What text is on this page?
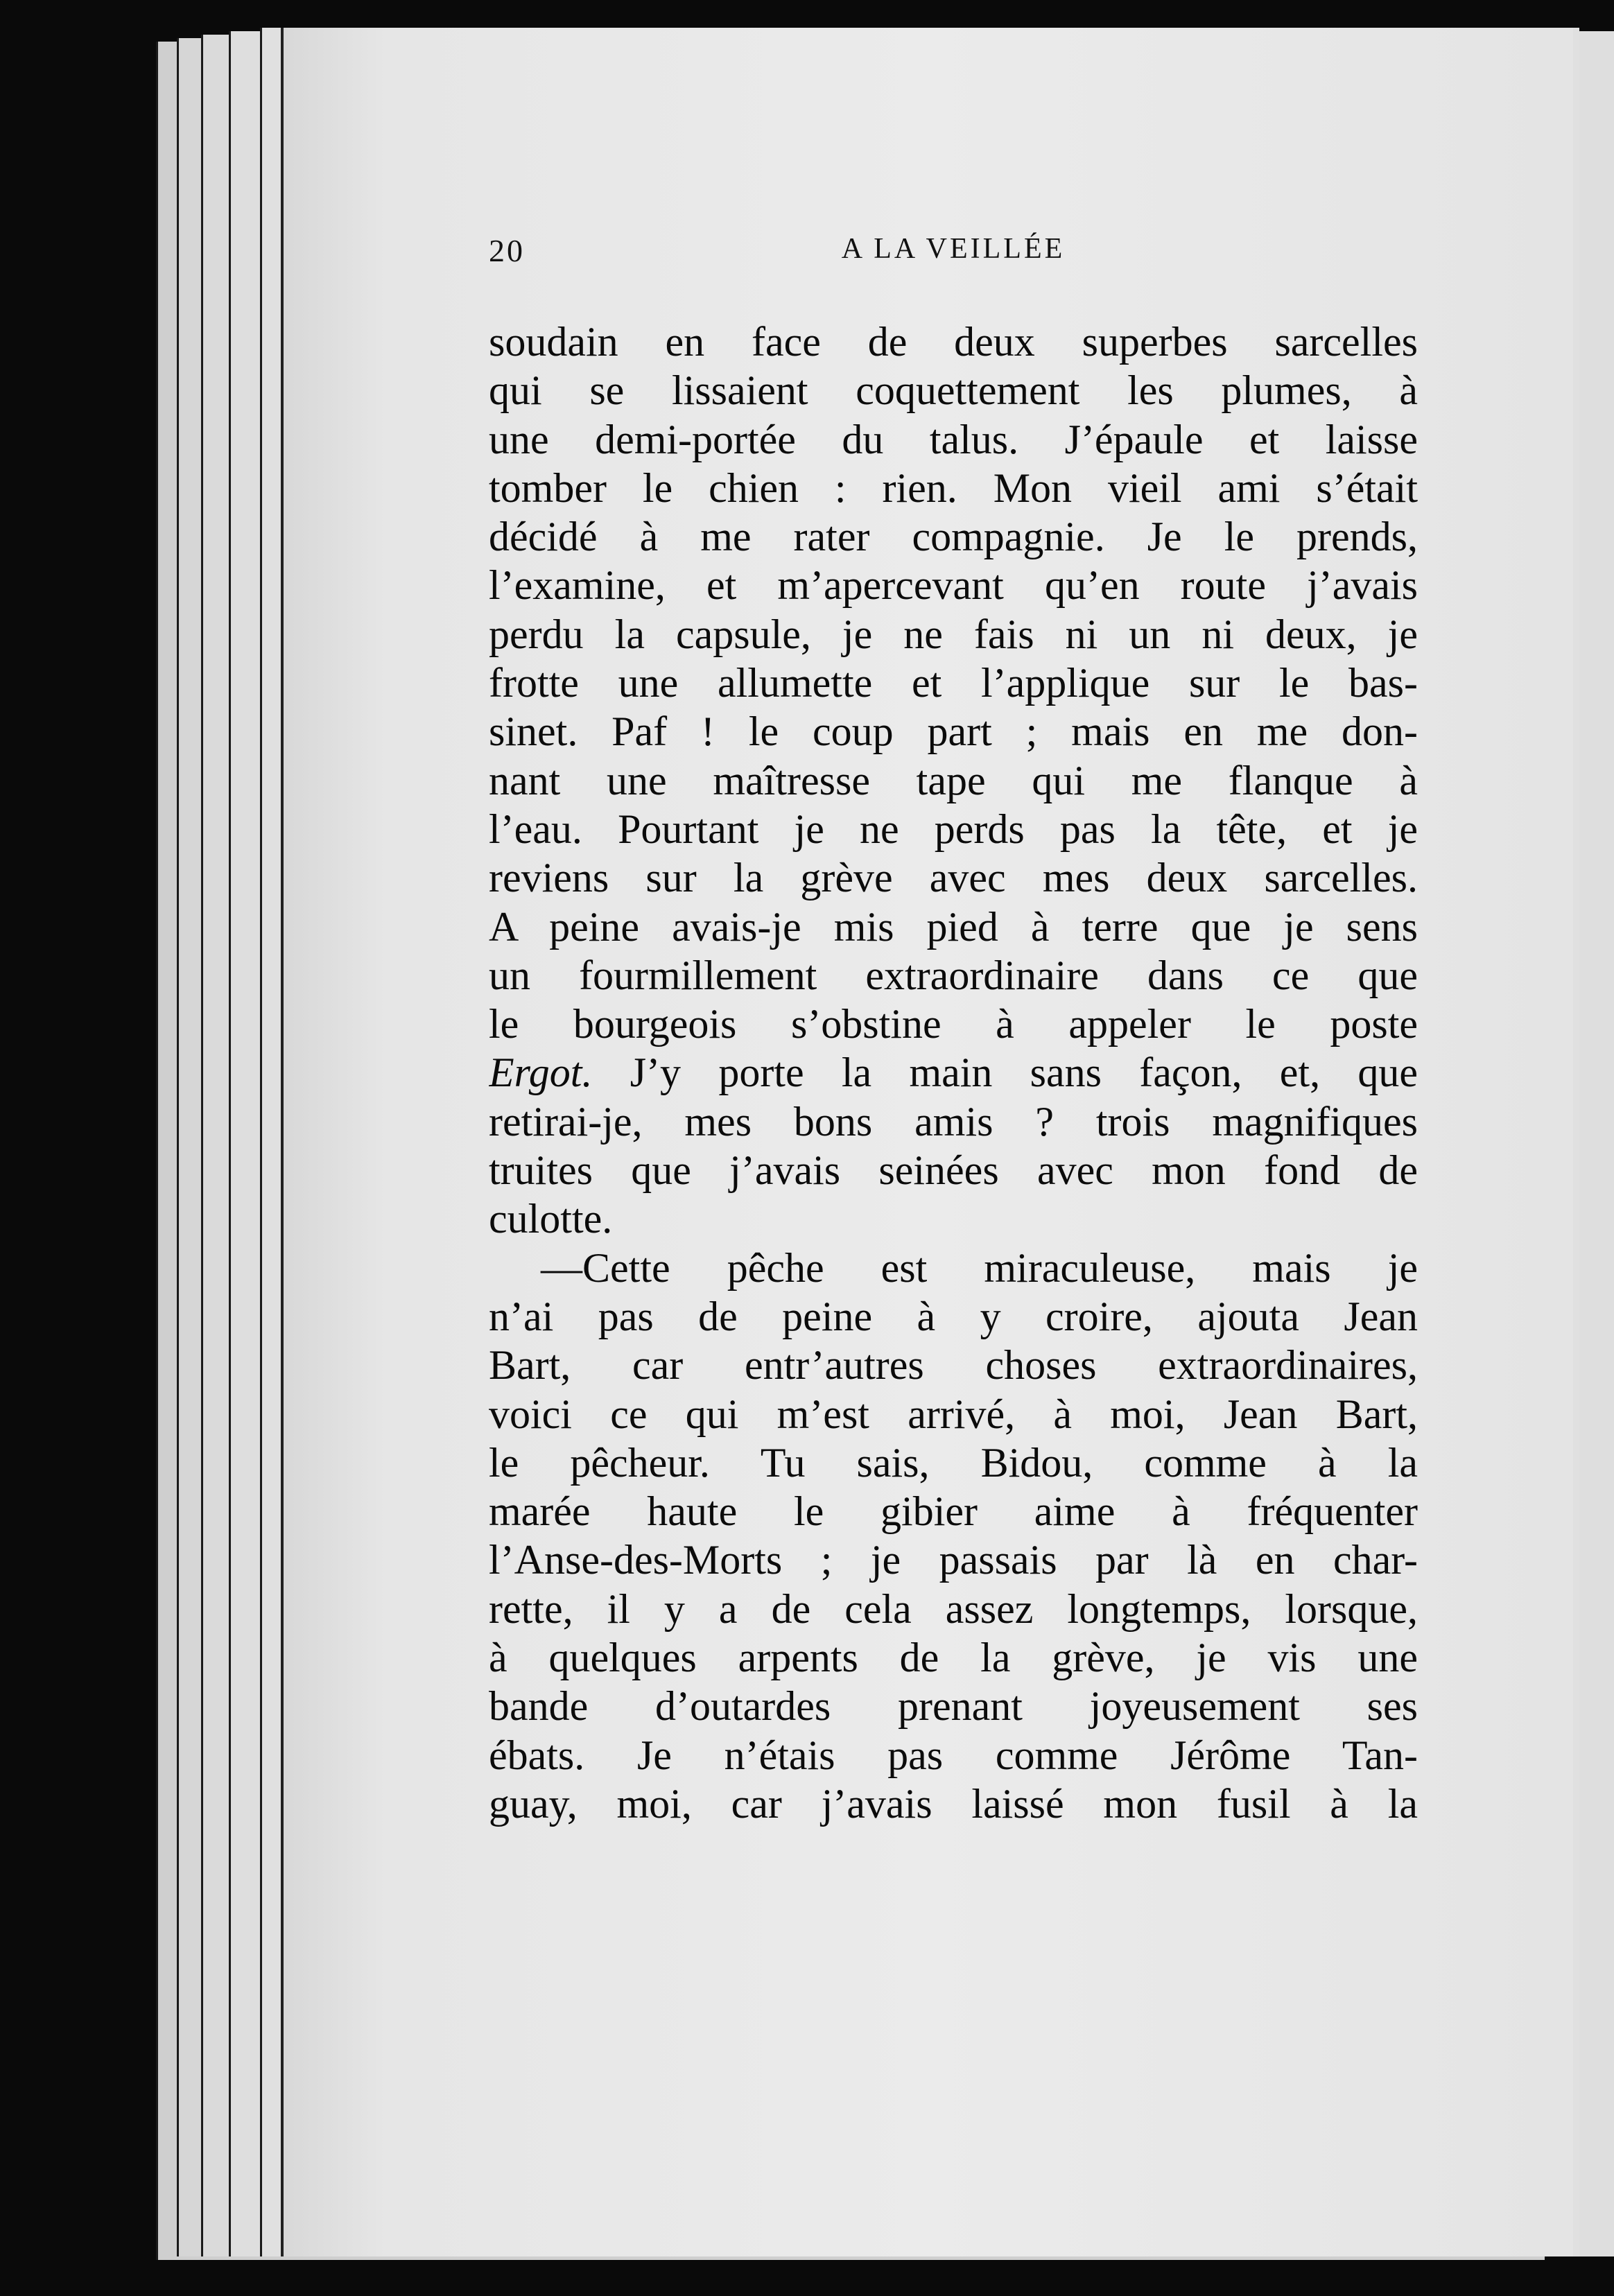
20	A LA VEILLÉE
soudain en face de deux superbes sarcelles
qui se lissaient coquettement les plumes, à
une demi-portée du talus. J’épaule et laisse
tomber le chien : rien. Mon vieil ami s’était
décidé à me rater compagnie. Je le prends,
l’examine, et m’apercevant qu’en route j’avais
perdu la capsule, je ne fais ni un ni deux, je
frotte une allumette et l’applique sur le bas-
sinet. Paf ! le coup part ; mais en me don-
nant une maîtresse tape qui me flanque à
l’eau. Pourtant je ne perds pas la tête, et je
reviens sur la grève avec mes deux sarcelles.
A peine avais-je mis pied à terre que je sens
un fourmillement extraordinaire dans ce que
le bourgeois s’obstine à appeler le poste
Ergot. J’y porte la main sans façon, et, que
retirai-je, mes bons amis ? trois magnifiques
truites que j’avais seinées avec mon fond de
culotte.
—Cette pêche est miraculeuse, mais je
n’ai pas de peine à y croire, ajouta Jean
Bart, car entr’autres choses extraordinaires,
voici ce qui m’est arrivé, à moi, Jean Bart,
le pêcheur. Tu sais, Bidou, comme à la
marée haute le gibier aime à fréquenter
l’Anse-des-Morts ; je passais par là en char-
rette, il y a de cela assez longtemps, lorsque,
à quelques arpents de la grève, je vis une
bande d’outardes prenant joyeusement ses
ébats. Je n’étais pas comme Jérôme Tan-
guay, moi, car j’avais laissé mon fusil à la
